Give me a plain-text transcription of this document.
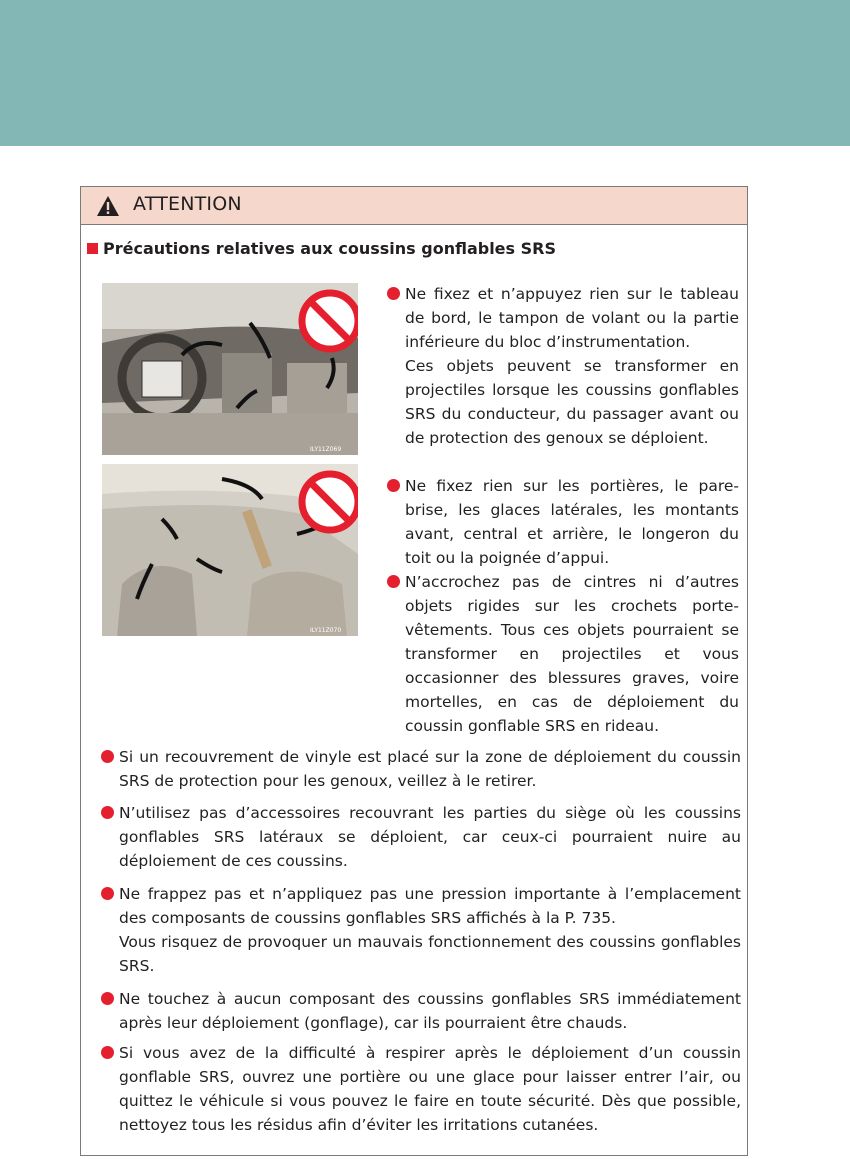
ATTENTION
Précautions relatives aux coussins gonflables SRS
ILY11Z069
ILY11Z070

Ne fixez et n’appuyez rien sur le tableau de bord, le tampon de volant ou la partie inférieure du bloc d’instrumentation.

Ces objets peuvent se transformer en projectiles lorsque les coussins gonflables SRS du conducteur, du passager avant ou de protection des genoux se déploient.

Ne fixez rien sur les portières, le pare-brise, les glaces latérales, les montants avant, central et arrière, le longeron du toit ou la poignée d’appui.

N’accrochez pas de cintres ni d’autres objets rigides sur les crochets porte-vêtements. Tous ces objets pourraient se transformer en projectiles et vous occasionner des blessures graves, voire mortelles, en cas de déploiement du coussin gonflable SRS en rideau.

Si un recouvrement de vinyle est placé sur la zone de déploiement du coussin SRS de protection pour les genoux, veillez à le retirer.

N’utilisez pas d’accessoires recouvrant les parties du siège où les coussins gonflables SRS latéraux se déploient, car ceux-ci pourraient nuire au déploiement de ces coussins.

Ne frappez pas et n’appliquez pas une pression importante à l’emplacement des composants de coussins gonflables SRS affichés à la P. 735.

Vous risquez de provoquer un mauvais fonctionnement des coussins gonflables SRS.

Ne touchez à aucun composant des coussins gonflables SRS immédiatement après leur déploiement (gonflage), car ils pourraient être chauds.

Si vous avez de la difficulté à respirer après le déploiement d’un coussin gonflable SRS, ouvrez une portière ou une glace pour laisser entrer l’air, ou quittez le véhicule si vous pouvez le faire en toute sécurité. Dès que possible, nettoyez tous les résidus afin d’éviter les irritations cutanées.
